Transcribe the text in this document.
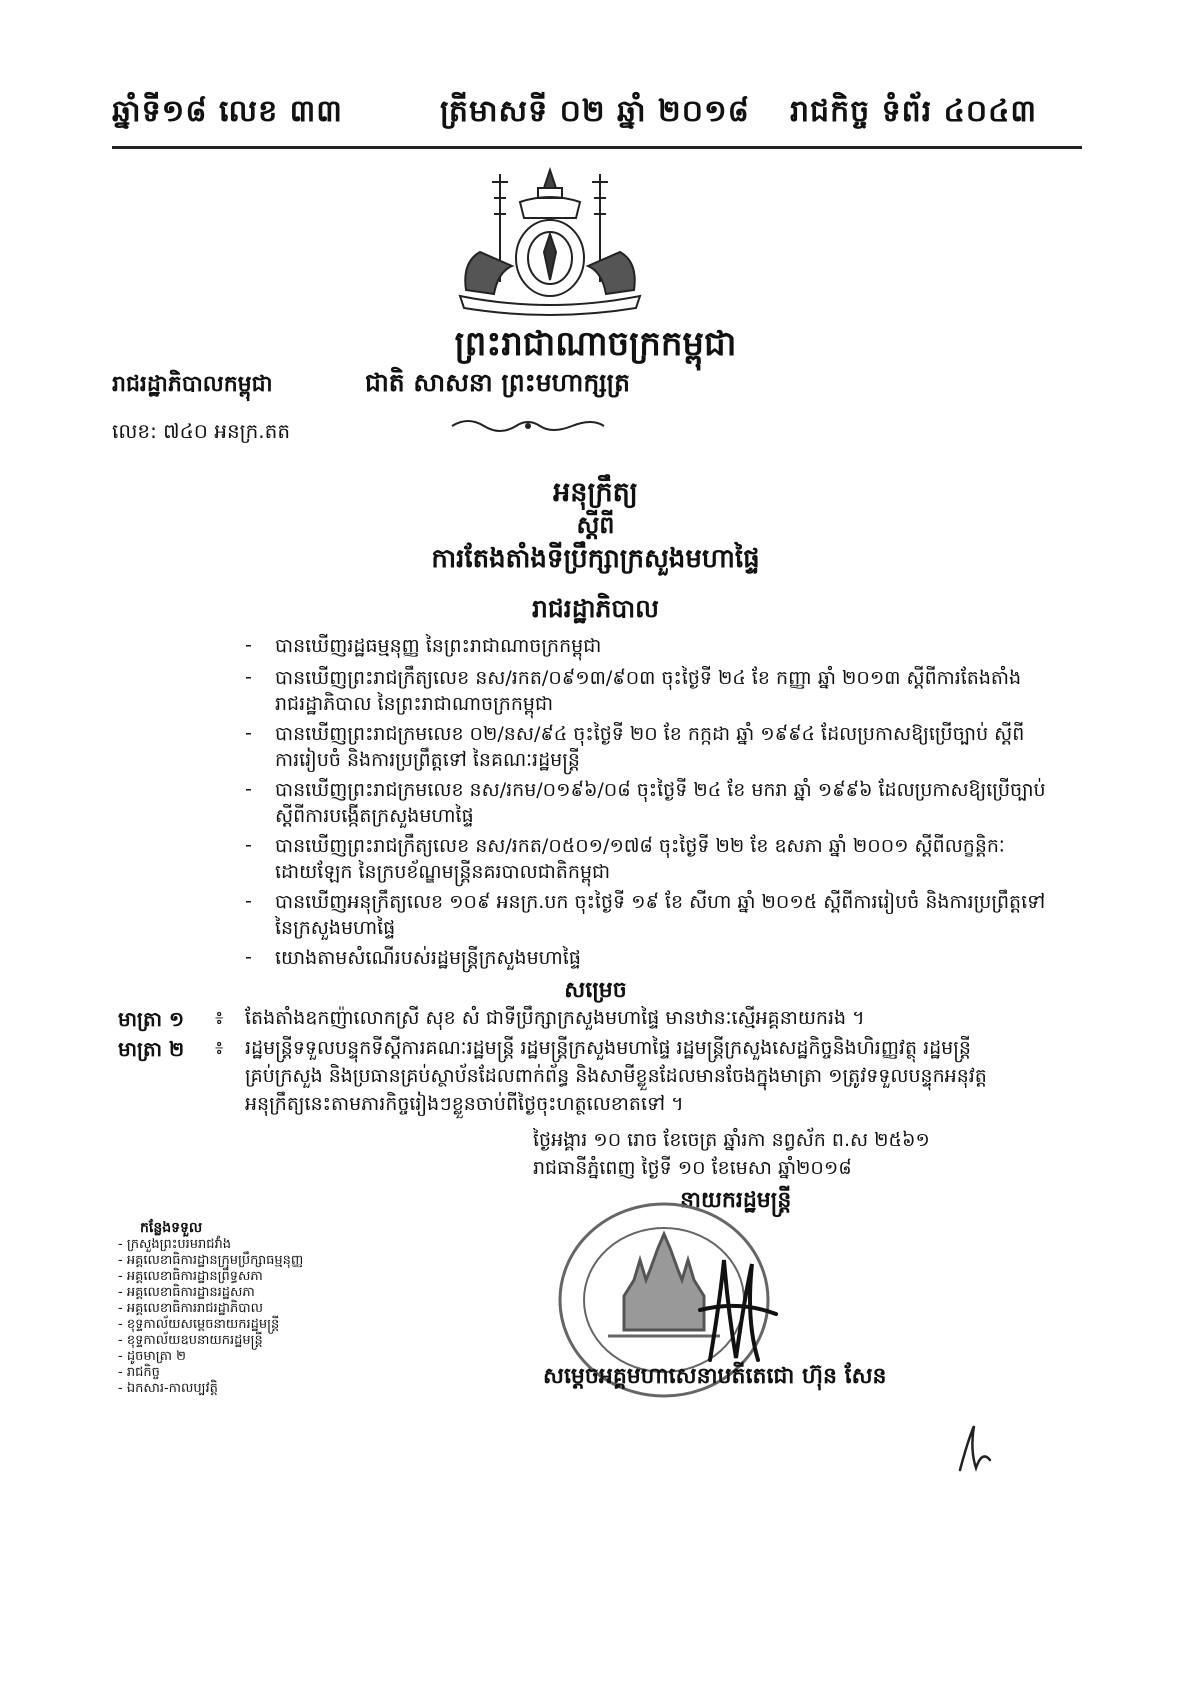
ឆ្នាំទី១៨ លេខ ៣៣	ត្រីមាសទី ០២ ឆ្នាំ ២០១៨ រាជកិច្ច ទំព័រ ៤០៤៣
ព្រះរាជាណាចក្រកម្ពុជា
រាជរដ្ឋាភិបាលកម្ពុជា	ជាតិ សាសនា ព្រះមហាក្សត្រ
លេខ: ៧៤០ អនក្រ.តត
អនុក្រឹត្យ
ស្តីពី
ការតែងតាំងទីប្រឹក្សាក្រសួងមហាផ្ទៃ
រាជរដ្ឋាភិបាល
- បានឃើញរដ្ឋធម្មនុញ្ញ នៃព្រះរាជាណាចក្រកម្ពុជា
- បានឃើញព្រះរាជក្រឹត្យលេខ នស/រកត/០៩១៣/៩០៣ ចុះថ្ងៃទី ២៤ ខែ កញ្ញា ឆ្នាំ ២០១៣ ស្តីពីការតែងតាំង
រាជរដ្ឋាភិបាល នៃព្រះរាជាណាចក្រកម្ពុជា
- បានឃើញព្រះរាជក្រមលេខ ០២/នស/៩៤ ចុះថ្ងៃទី ២០ ខែ កក្កដា ឆ្នាំ ១៩៩៤ ដែលប្រកាសឱ្យប្រើច្បាប់ ស្តីពី
ការរៀបចំ និងការប្រព្រឹត្តទៅ នៃគណៈរដ្ឋមន្ត្រី
- បានឃើញព្រះរាជក្រមលេខ នស/រកម/០១៩៦/០៨ ចុះថ្ងៃទី ២៤ ខែ មករា ឆ្នាំ ១៩៩៦ ដែលប្រកាសឱ្យប្រើច្បាប់
ស្តីពីការបង្កើតក្រសួងមហាផ្ទៃ
- បានឃើញព្រះរាជក្រឹត្យលេខ នស/រកត/០៥០១/១៧៨ ចុះថ្ងៃទី ២២ ខែ ឧសភា ឆ្នាំ ២០០១ ស្តីពីលក្ខន្តិកៈ
ដោយឡែក នៃក្របខ័ណ្ឌមន្ត្រីនគរបាលជាតិកម្ពុជា
- បានឃើញអនុក្រឹត្យលេខ ១០៩ អនក្រ.បក ចុះថ្ងៃទី ១៩ ខែ សីហា ឆ្នាំ ២០១៥ ស្តីពីការរៀបចំ និងការប្រព្រឹត្តទៅ
នៃក្រសួងមហាផ្ទៃ
- យោងតាមសំណើរបស់រដ្ឋមន្ត្រីក្រសួងមហាផ្ទៃ
សម្រេច
មាត្រា ១ ៖ តែងតាំងឧកញ៉ាលោកស្រី សុខ សំ ជាទីប្រឹក្សាក្រសួងមហាផ្ទៃ មានឋានៈស្មើអគ្គនាយករង ។
មាត្រា ២ ៖ រដ្ឋមន្ត្រីទទួលបន្ទុកទីស្តីការគណៈរដ្ឋមន្ត្រី រដ្ឋមន្ត្រីក្រសួងមហាផ្ទៃ រដ្ឋមន្ត្រីក្រសួងសេដ្ឋកិច្ចនិងហិរញ្ញវត្ថុ រដ្ឋមន្ត្រី
គ្រប់ក្រសួង និងប្រធានគ្រប់ស្ថាប័នដែលពាក់ព័ន្ធ និងសាមីខ្លួនដែលមានចែងក្នុងមាត្រា ១ត្រូវទទួលបន្ទុកអនុវត្ត
អនុក្រឹត្យនេះតាមភារកិច្ចរៀងៗខ្លួនចាប់ពីថ្ងៃចុះហត្ថលេខាតទៅ ។
ថ្ងៃអង្គារ ១០ រោច ខែចេត្រ ឆ្នាំរកា នព្វស័ក ព.ស ២៥៦១
រាជធានីភ្នំពេញ ថ្ងៃទី ១០ ខែមេសា ឆ្នាំ២០១៨
នាយករដ្ឋមន្ត្រី
សម្តេចអគ្គមហាសេនាបតីតេជោ ហ៊ុន សែន
កន្លែងទទួល
- ក្រសួងព្រះបរមរាជវាំង
- អគ្គលេខាធិការដ្ឋានក្រុមប្រឹក្សាធម្មនុញ្ញ
- អគ្គលេខាធិការដ្ឋានព្រឹទ្ធសភា
- អគ្គលេខាធិការដ្ឋានរដ្ឋសភា
- អគ្គលេខាធិការរាជរដ្ឋាភិបាល
- ខុទ្ទកាល័យសម្តេចនាយករដ្ឋមន្ត្រី
- ខុទ្ទកាល័យឧបនាយករដ្ឋមន្ត្រី
- ដូចមាត្រា ២
- រាជកិច្ច
- ឯកសារ-កាលប្បវត្តិ
